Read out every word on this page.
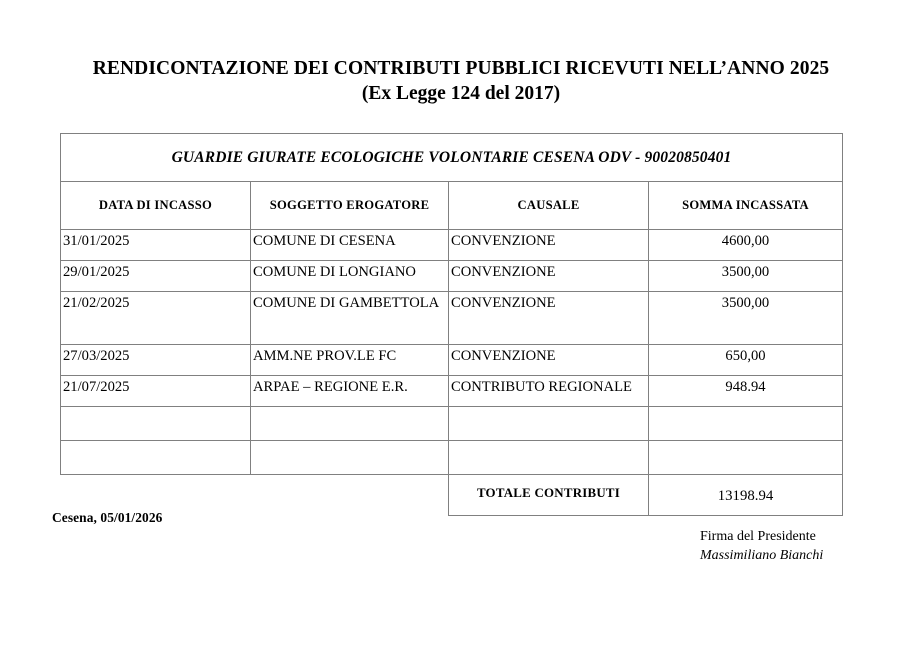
RENDICONTAZIONE DEI CONTRIBUTI PUBBLICI RICEVUTI NELL’ANNO 2025
(Ex Legge 124 del 2017)
GUARDIE GIURATE ECOLOGICHE VOLONTARIE CESENA ODV - 90020850401			
DATA DI INCASSO	SOGGETTO EROGATORE	CAUSALE	SOMMA INCASSATA

31/01/2025	COMUNE DI CESENA	CONVENZIONE	4600,00

29/01/2025	COMUNE DI LONGIANO	CONVENZIONE	3500,00

21/02/2025	COMUNE DI GAMBETTOLA	CONVENZIONE	3500,00

27/03/2025	AMM.NE PROV.LE FC	CONVENZIONE	650,00

21/07/2025	ARPAE – REGIONE E.R.	CONTRIBUTO REGIONALE	948.94

		TOTALE CONTRIBUTI	13198.94
Cesena, 05/01/2026
Firma del Presidente
Massimiliano Bianchi
